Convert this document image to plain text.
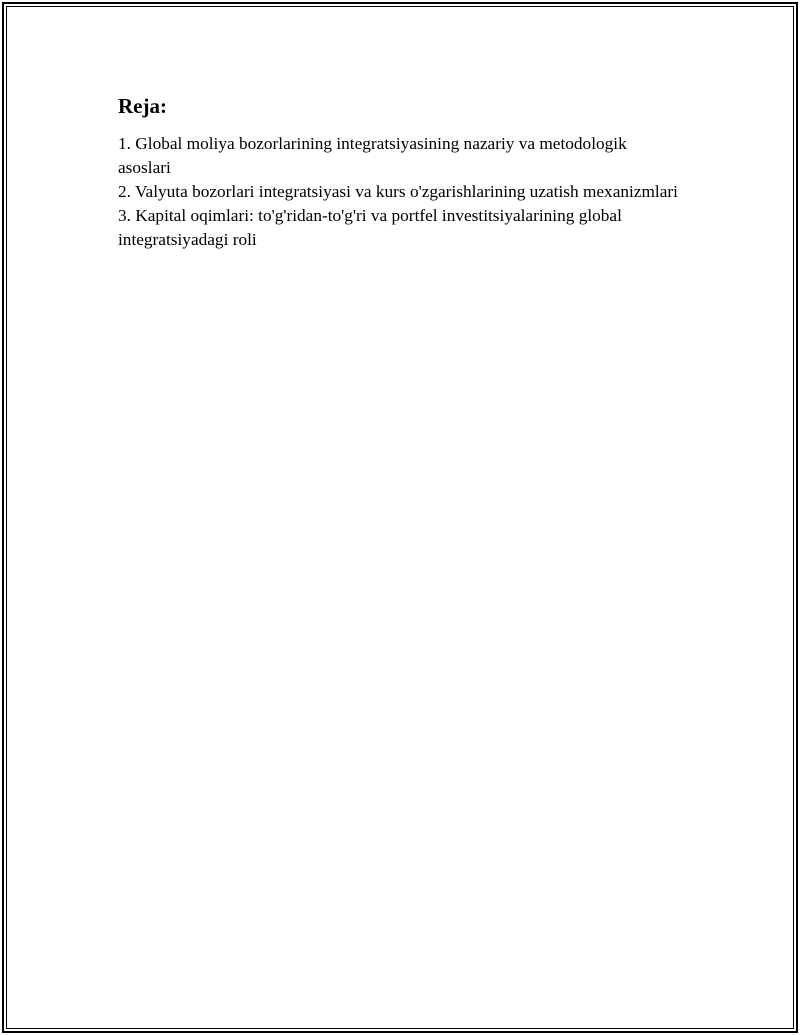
Reja:
1. Global moliya bozorlarining integratsiyasining nazariy va metodologik asoslari
2. Valyuta bozorlari integratsiyasi va kurs o'zgarishlarining uzatish mexanizmlari
3. Kapital oqimlari: to'g'ridan-to'g'ri va portfel investitsiyalarining global integratsiyadagi roli
